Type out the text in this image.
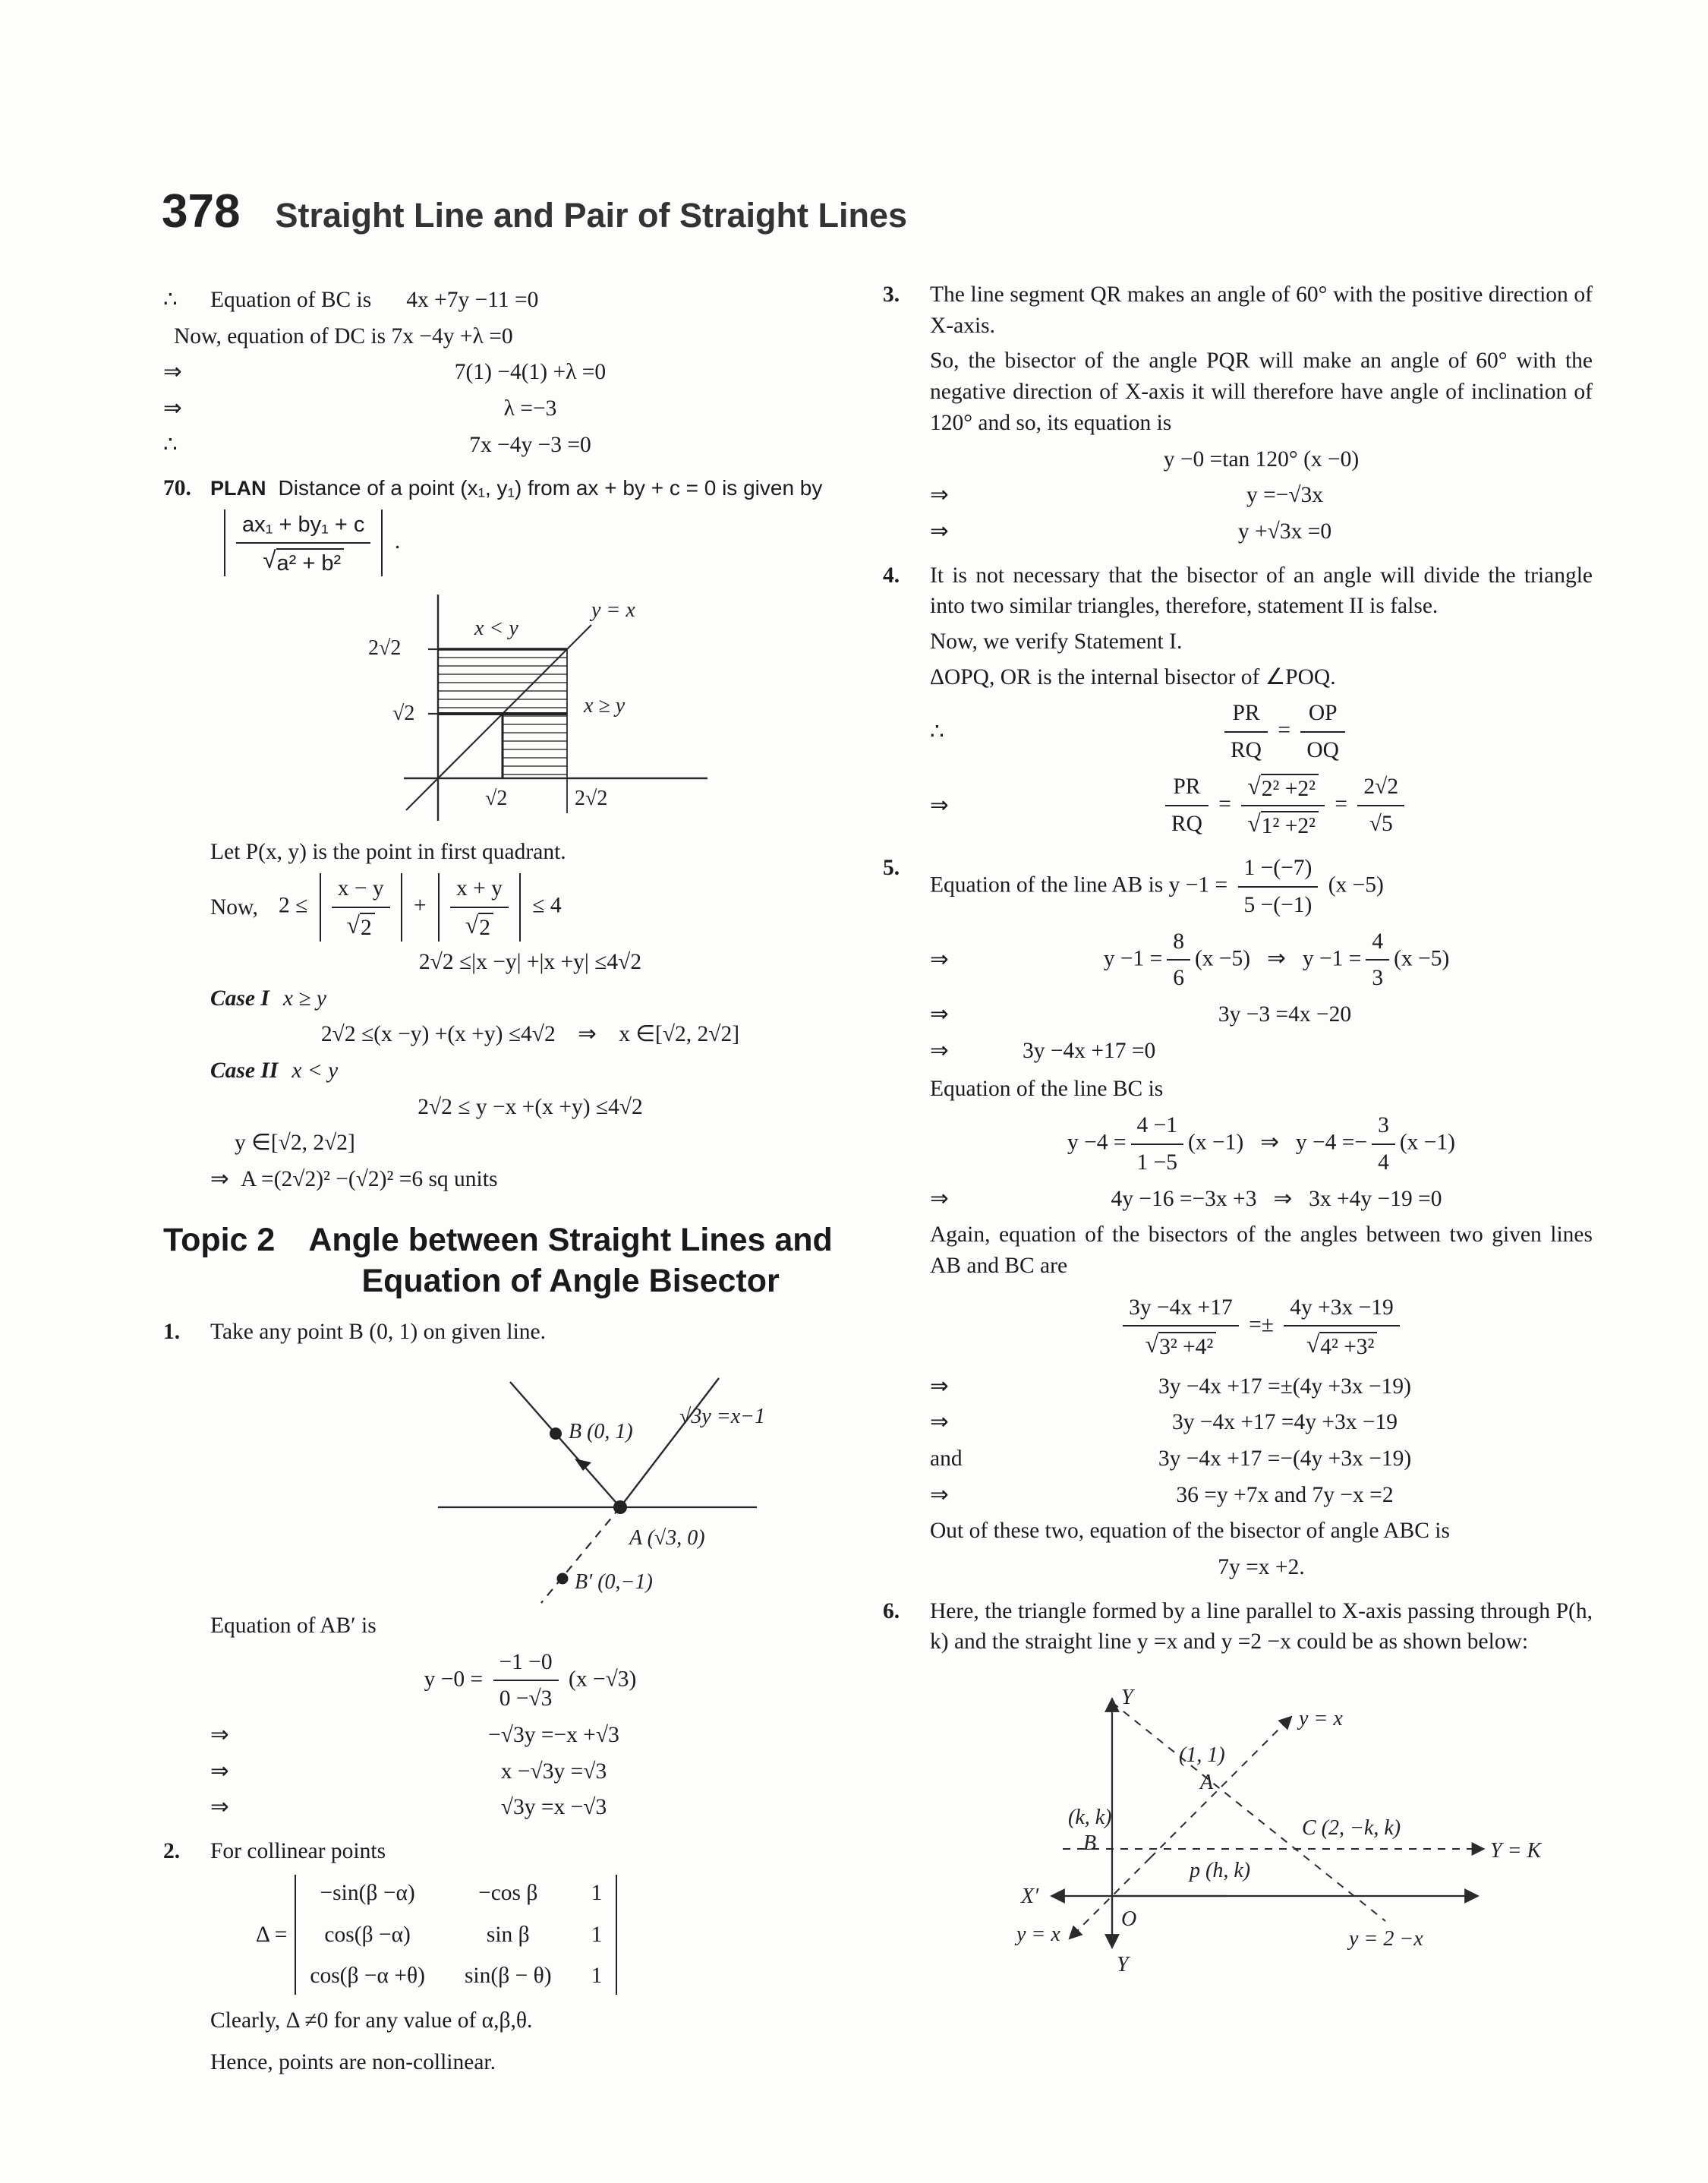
378 Straight Line and Pair of Straight Lines
∴	Equation of BC is 4x +7y −11 =0

Now, equation of DC is 7x −4y +λ =0

⇒	7(1) −4(1) +λ =0
⇒	λ =−3
∴	7x −4y −3 =0
70. PLAN Distance of a point (x₁, y₁) from ax + by + c = 0 is given by

$\frac{\text{ax₁ + by₁ + c}}{\text{√ a² + b²}}$ .
y = x
x < y
x ≥ y
2√2
√2
√2	2√2

Let P(x, y) is the point in first quadrant.

Now, $2 \le \frac{x - y}{√ 2} + \frac{x + y}{√ 2} \le 4$
2√2 ≤|x −y| +|x +y| ≤4√2

Case I x ≥ y

2√2 ≤(x −y) +(x +y) ≤4√2 ⇒ x ∈[√2, 2√2]

Case II x < y

2√2 ≤ y −x +(x +y) ≤4√2
y ∈[√2, 2√2]
⇒ A =(2√2)² −(√2)² =6 sq units
Topic 2 Angle between Straight Lines and
Equation of Angle Bisector
1.	Take any point B (0, 1) on given line.

B (0, 1)
√3y =x−1
A (√3, 0)
B′ (0,−1)

Equation of AB′ is

$y -0 = \frac{-1 -0}{0 -√3} (x -√3)$
⇒	−√3y =−x +√3
⇒	x −√3y =√3
⇒	√3y =x −√3
2.	For collinear points

Δ =
−sin(β −α)	−cos β 1
cos(β −α)	sin β	1
cos(β −α +θ) sin(β − θ) 1

Clearly, Δ ≠0 for any value of α,β,θ.

Hence, points are non-collinear.

3.	The line segment QR makes an angle of 60° with the positive direction of X-axis.

So, the bisector of the angle PQR will make an angle of 60° with the negative direction of X-axis it will therefore have angle of inclination of 120° and so, its equation is

y −0 =tan 120° (x −0)
⇒	y =−√3x
⇒	y +√3x =0
4.	It is not necessary that the bisector of an angle will divide the triangle into two similar triangles, therefore, statement II is false.

Now, we verify Statement I.

ΔOPQ, OR is the internal bisector of ∠POQ.

∴	$\frac{PR}{RQ} = \frac{OP}{OQ}$
⇒	$\frac{PR}{RQ} = \frac{\text{√ 2² +2²}}{\text{√ 1² +2²}} = \frac{2√2}{√5}$
5.

Equation of the line AB is $y -1 = \frac{1 -(-7)}{5 -(-1)} (x -5)$

⇒	$y -1 = \frac{8}{6} (x -5)$ ⇒ $y -1 = \frac{4}{3} (x -5)$
⇒	3y −3 =4x −20
⇒	3y −4x +17 =0

Equation of the line BC is

$y -4 = \frac{4 -1}{1 -5} (x -1)$ ⇒ $y -4 =- \frac{3}{4} (x -1)$
⇒	4y −16 =−3x +3 ⇒ 3x +4y −19 =0

Again, equation of the bisectors of the angles between two given lines AB and BC are

$\frac{3y -4x +17}{\text{√ 3² +4²}} =\pm \frac{4y +3x -19}{\text{√ 4² +3²}}$
⇒	3y −4x +17 =±(4y +3x −19)
⇒	3y −4x +17 =4y +3x −19
and	3y −4x +17 =−(4y +3x −19)
⇒	36 =y +7x and 7y −x =2

Out of these two, equation of the bisector of angle ABC is

7y =x +2.
6.	Here, the triangle formed by a line parallel to X-axis passing through P(h, k) and the straight line y =x and y =2 −x could be as shown below:

Y
y = x
(1, 1)
A
(k, k)
B
C (2, −k, k)
Y = K
p (h, k)
X′
O
y = x
Y
y = 2 −x
